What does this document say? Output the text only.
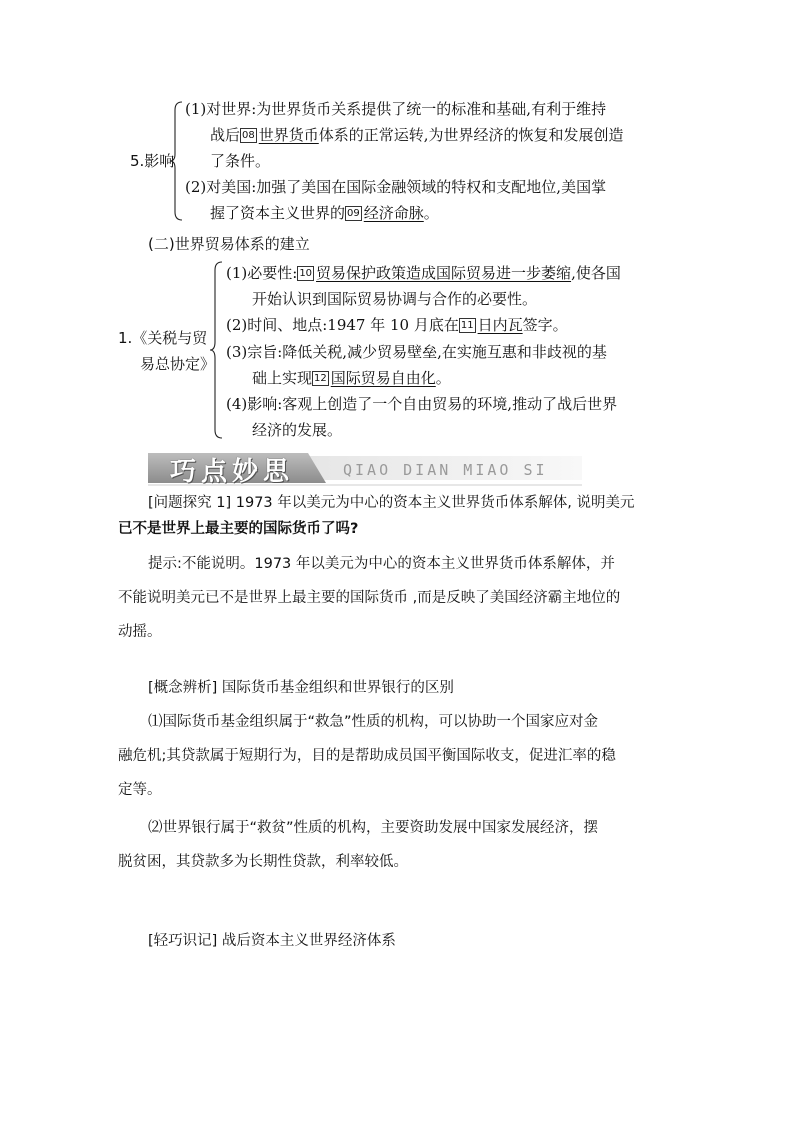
5.影响
(1)对世界:为世界货币关系提供了统一的标准和基础,有利于维持
战后 08 世界货币体系的正常运转,为世界经济的恢复和发展创造
了条件。
(2)对美国:加强了美国在国际金融领域的特权和支配地位,美国掌
握了资本主义世界的 09 经济命脉。
(二)世界贸易体系的建立
1.《关税与贸
易总协定》
(1)必要性: 10 贸易保护政策造成国际贸易进一步萎缩,使各国
开始认识到国际贸易协调与合作的必要性。
(2)时间、地点:1947 年 10 月底在 11 日内瓦签字。
(3)宗旨:降低关税,减少贸易壁垒,在实施互惠和非歧视的基
础上实现 12 国际贸易自由化。
(4)影响:客观上创造了一个自由贸易的环境,推动了战后世界
经济的发展。
巧点妙思	QIAO DIAN MIAO SI
[问题探究 1] 1973 年以美元为中心的资本主义世界货币体系解体, 说明美元
已不是世界上最主要的国际货币了吗?
提示:不能说明。1973 年以美元为中心的资本主义世界货币体系解体，并
不能说明美元已不是世界上最主要的国际货币 ,而是反映了美国经济霸主地位的
动摇。
[概念辨析] 国际货币基金组织和世界银行的区别
⑴国际货币基金组织属于“救急”性质的机构，可以协助一个国家应对金
融危机;其贷款属于短期行为，目的是帮助成员国平衡国际收支，促进汇率的稳
定等。
⑵世界银行属于“救贫”性质的机构，主要资助发展中国家发展经济，摆
脱贫困，其贷款多为长期性贷款，利率较低。
[轻巧识记] 战后资本主义世界经济体系
